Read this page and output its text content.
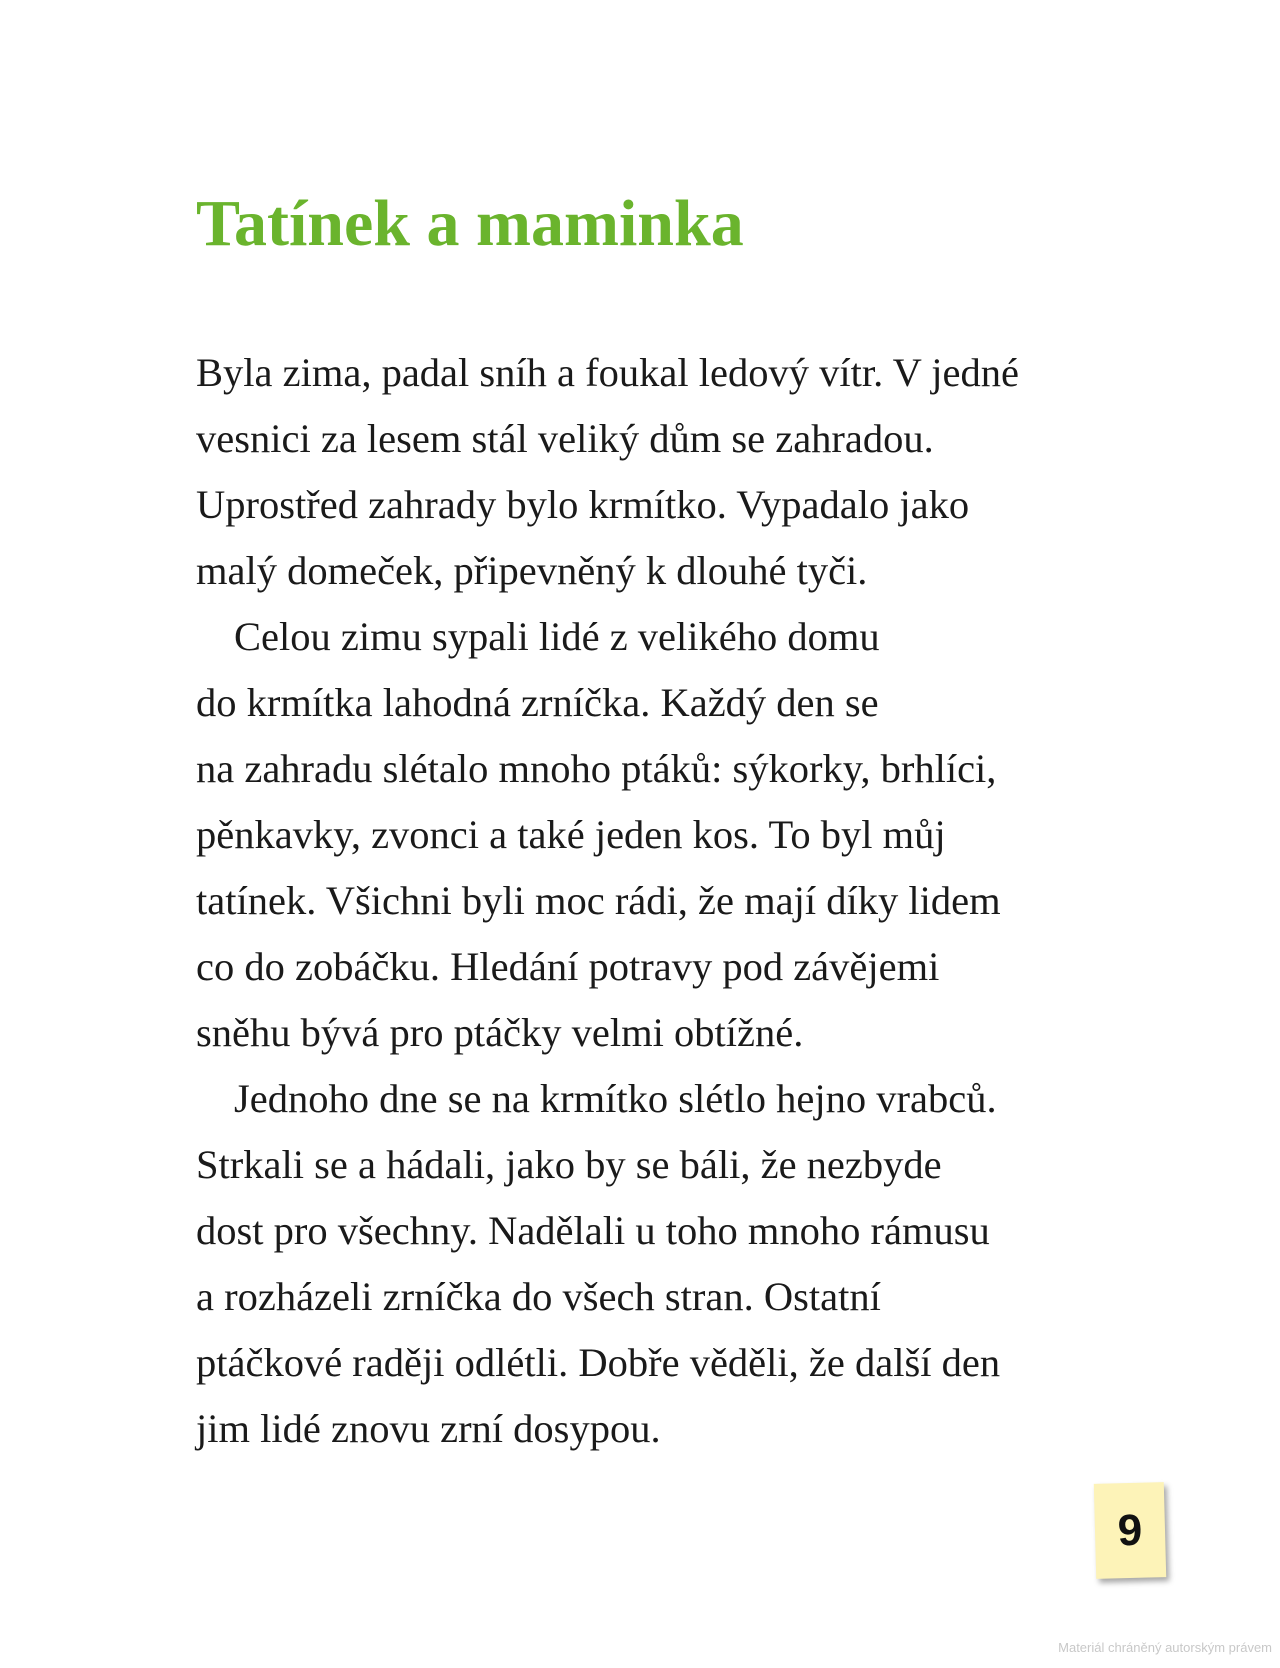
Tatínek a maminka
Byla zima, padal sníh a foukal ledový vítr. V jedné
vesnici za lesem stál veliký dům se zahradou.
Uprostřed zahrady bylo krmítko. Vypadalo jako
malý domeček, připevněný k dlouhé tyči.
Celou zimu sypali lidé z velikého domu
do krmítka lahodná zrníčka. Každý den se
na zahradu slétalo mnoho ptáků: sýkorky, brhlíci,
pěnkavky, zvonci a také jeden kos. To byl můj
tatínek. Všichni byli moc rádi, že mají díky lidem
co do zobáčku. Hledání potravy pod závějemi
sněhu bývá pro ptáčky velmi obtížné.
Jednoho dne se na krmítko slétlo hejno vrabců.
Strkali se a hádali, jako by se báli, že nezbyde
dost pro všechny. Nadělali u toho mnoho rámusu
a rozházeli zrníčka do všech stran. Ostatní
ptáčkové raději odlétli. Dobře věděli, že další den
jim lidé znovu zrní dosypou.
9
Materiál chráněný autorským právem
